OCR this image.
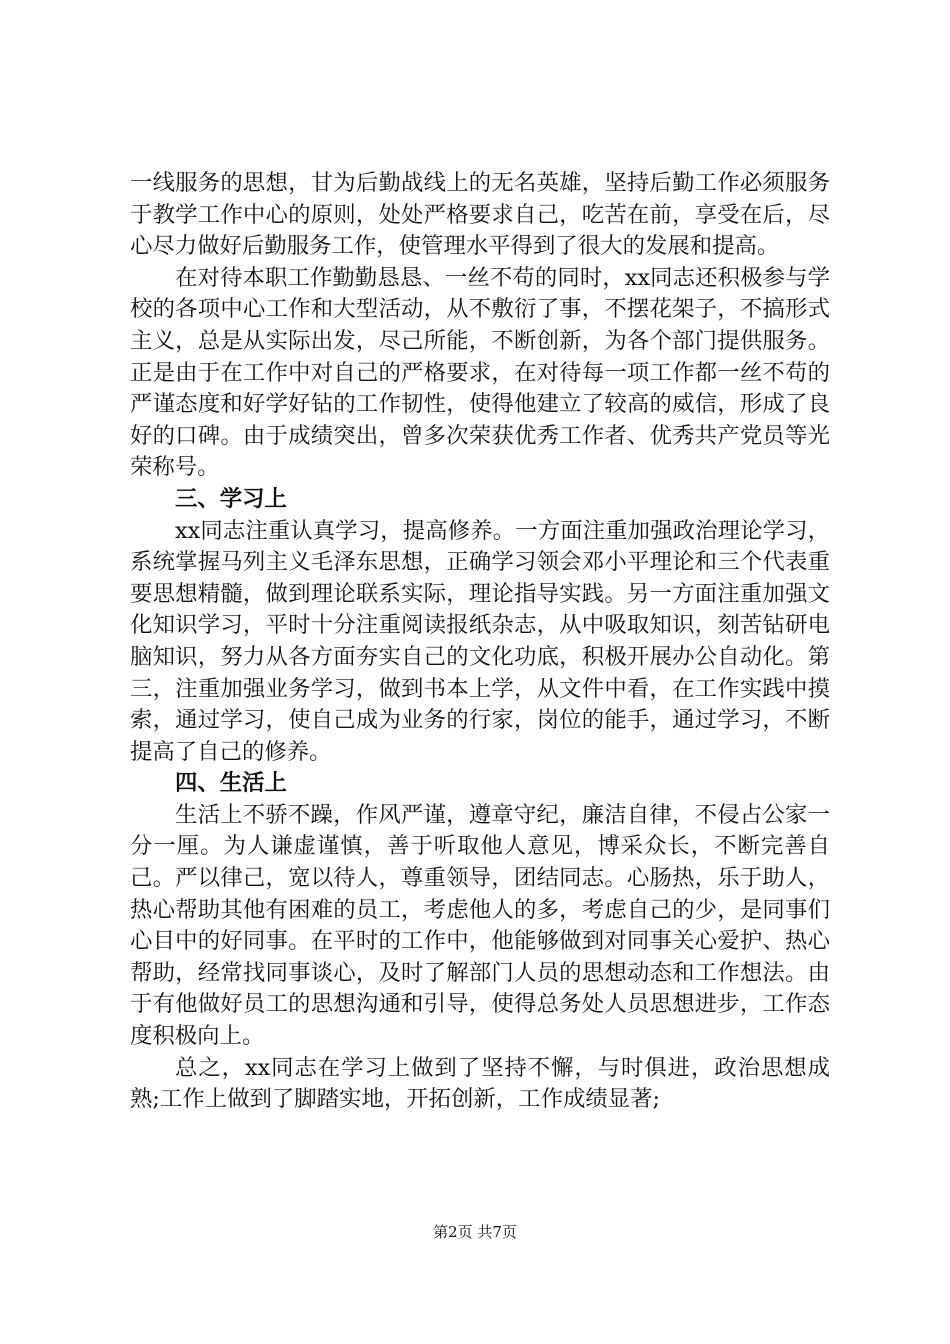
一线服务的思想，甘为后勤战线上的无名英雄，坚持后勤工作必须服务于教学工作中心的原则，处处严格要求自己，吃苦在前，享受在后，尽心尽力做好后勤服务工作，使管理水平得到了很大的发展和提高。

在对待本职工作勤勤恳恳、一丝不苟的同时，xx同志还积极参与学校的各项中心工作和大型活动，从不敷衍了事，不摆花架子，不搞形式主义，总是从实际出发，尽己所能，不断创新，为各个部门提供服务。正是由于在工作中对自己的严格要求，在对待每一项工作都一丝不苟的严谨态度和好学好钻的工作韧性，使得他建立了较高的威信，形成了良好的口碑。由于成绩突出，曾多次荣获优秀工作者、优秀共产党员等光荣称号。

三、学习上

xx同志注重认真学习，提高修养。一方面注重加强政治理论学习，系统掌握马列主义毛泽东思想，正确学习领会邓小平理论和三个代表重要思想精髓，做到理论联系实际，理论指导实践。另一方面注重加强文化知识学习，平时十分注重阅读报纸杂志，从中吸取知识，刻苦钻研电脑知识，努力从各方面夯实自己的文化功底，积极开展办公自动化。第三，注重加强业务学习，做到书本上学，从文件中看，在工作实践中摸索，通过学习，使自己成为业务的行家，岗位的能手，通过学习，不断提高了自己的修养。

四、生活上

生活上不骄不躁，作风严谨，遵章守纪，廉洁自律，不侵占公家一分一厘。为人谦虚谨慎，善于听取他人意见，博采众长，不断完善自己。严以律己，宽以待人，尊重领导，团结同志。心肠热，乐于助人，热心帮助其他有困难的员工，考虑他人的多，考虑自己的少，是同事们心目中的好同事。在平时的工作中，他能够做到对同事关心爱护、热心帮助，经常找同事谈心，及时了解部门人员的思想动态和工作想法。由于有他做好员工的思想沟通和引导，使得总务处人员思想进步，工作态度积极向上。

总之，xx同志在学习上做到了坚持不懈，与时俱进，政治思想成熟;工作上做到了脚踏实地，开拓创新，工作成绩显著;

第2页 共7页
